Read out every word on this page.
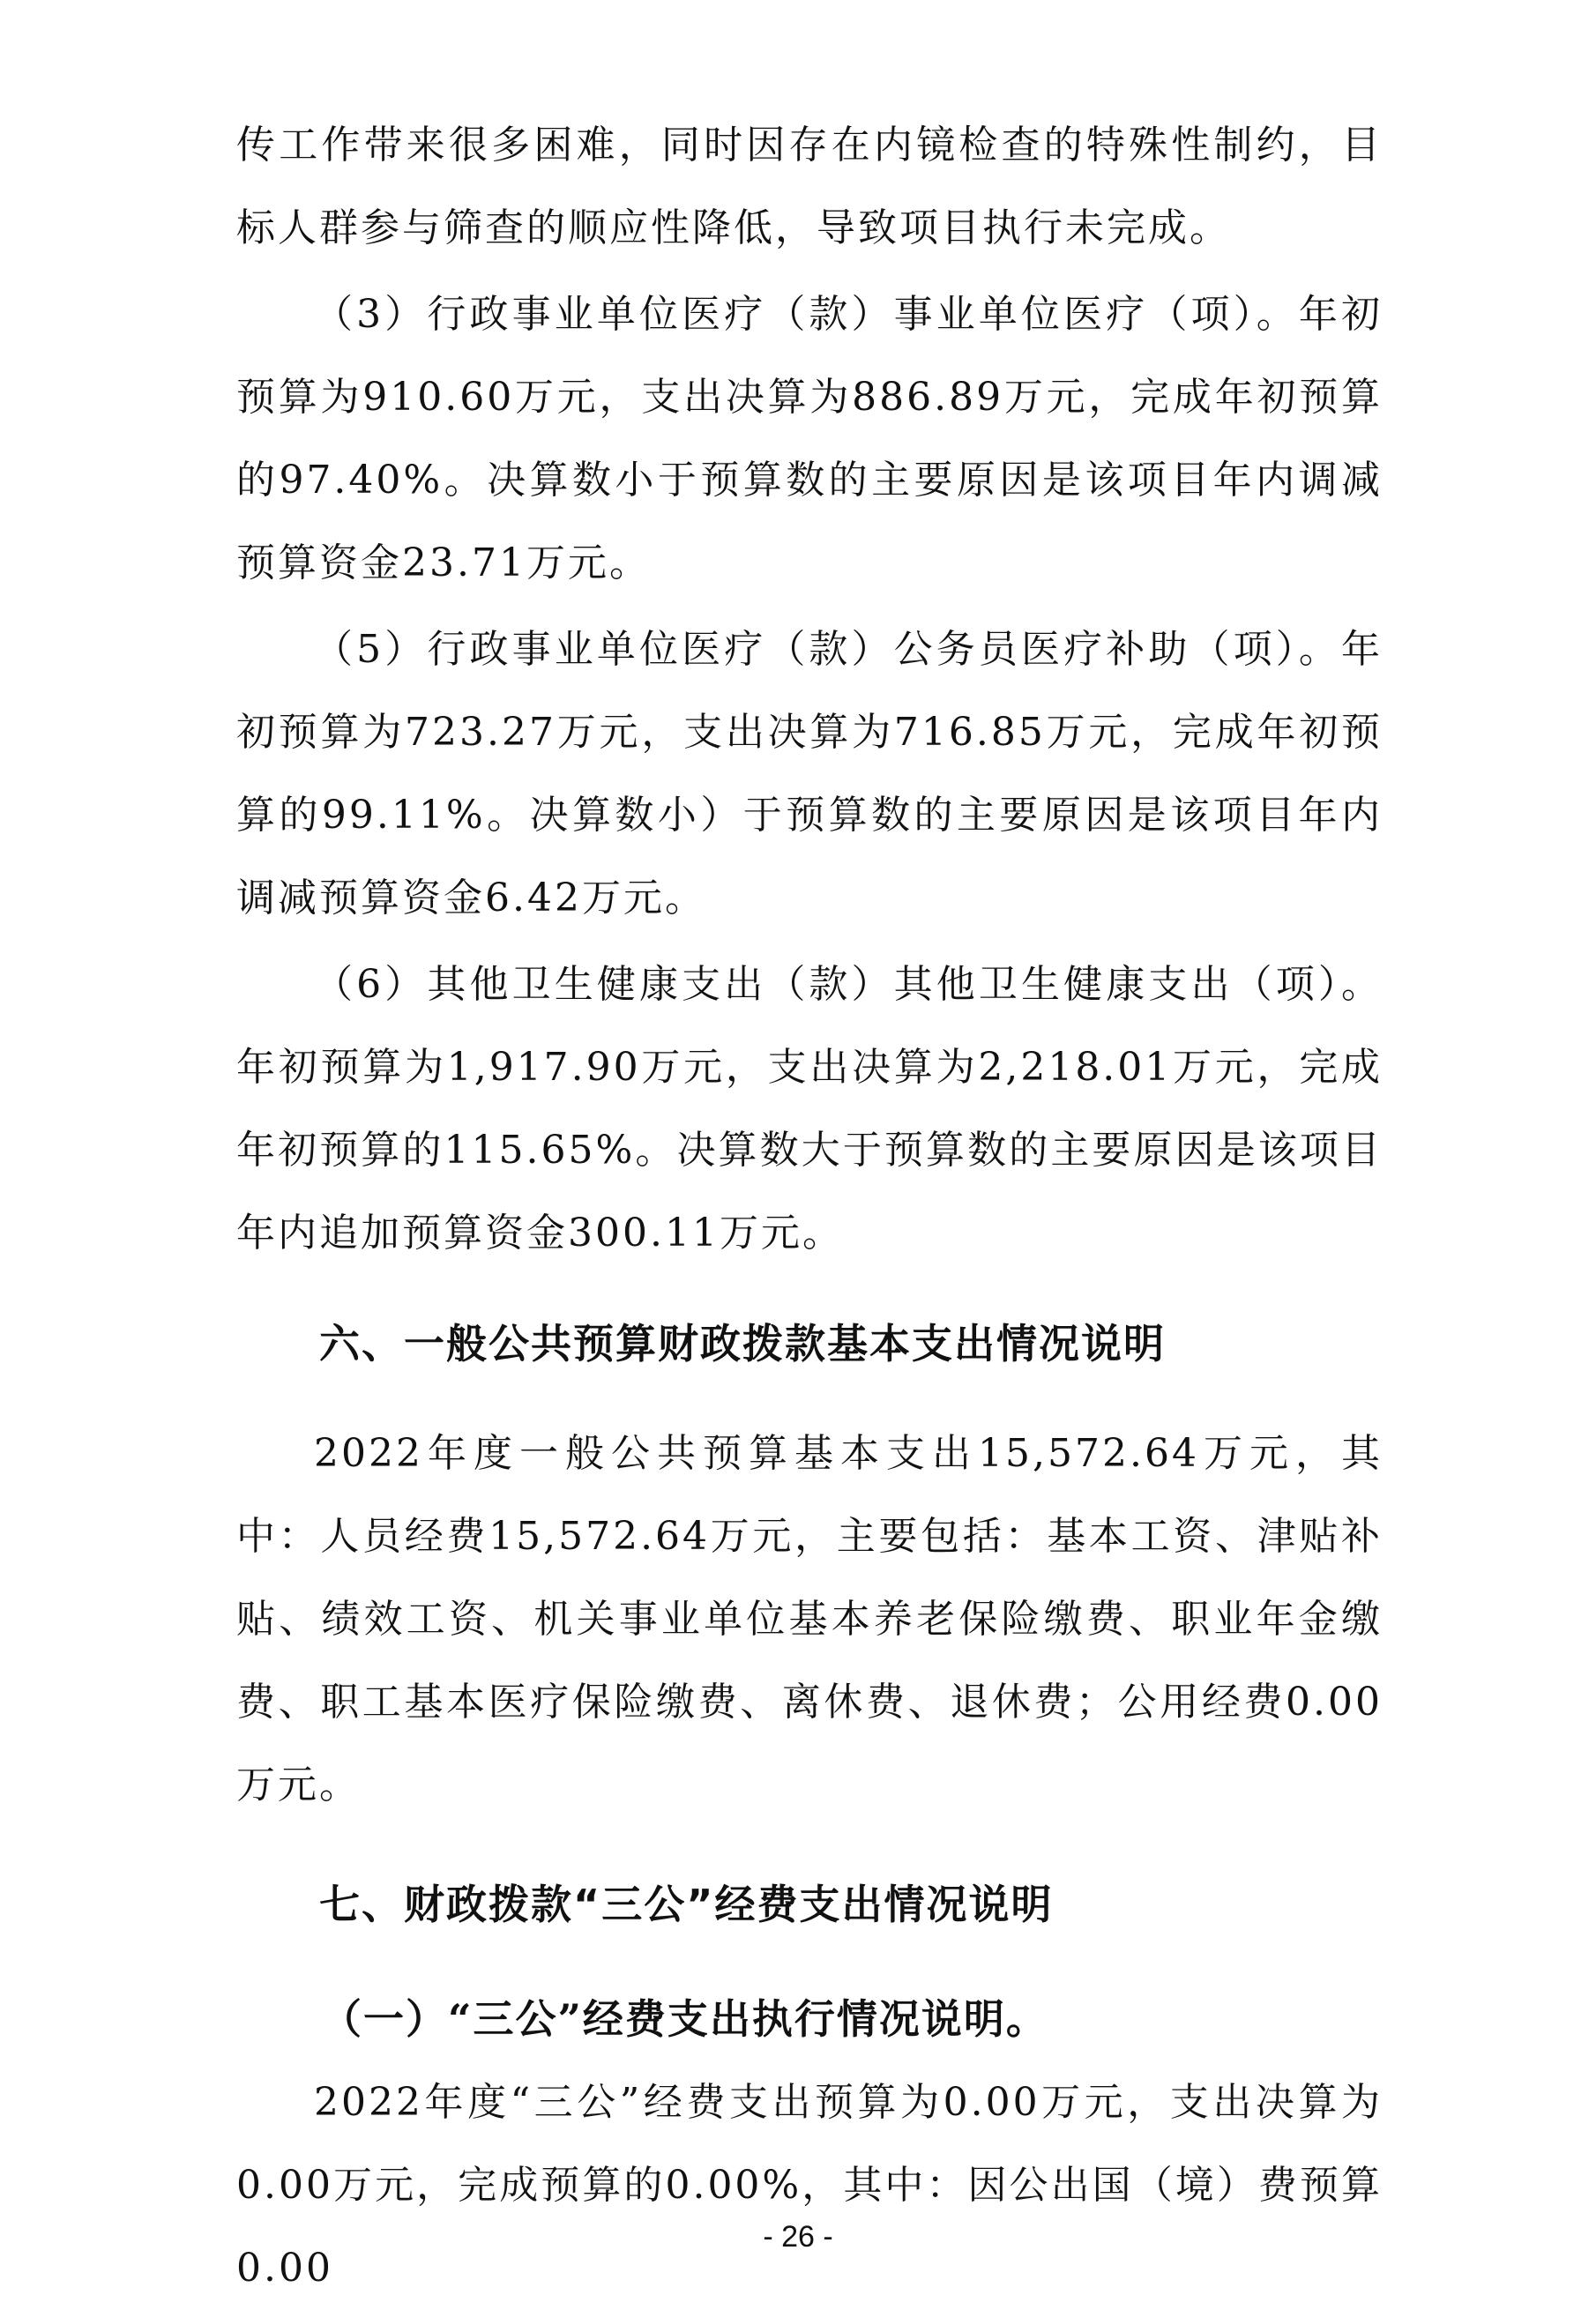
传工作带来很多困难，同时因存在内镜检查的特殊性制约，目标人群参与筛查的顺应性降低，导致项目执行未完成。

（3）行政事业单位医疗（款）事业单位医疗（项）。年初预算为910.60万元，支出决算为886.89万元，完成年初预算的97.40%。决算数小于预算数的主要原因是该项目年内调减预算资金23.71万元。

（5）行政事业单位医疗（款）公务员医疗补助（项）。年初预算为723.27万元，支出决算为716.85万元，完成年初预算的99.11%。决算数小）于预算数的主要原因是该项目年内调减预算资金6.42万元。

（6）其他卫生健康支出（款）其他卫生健康支出（项）。年初预算为1,917.90万元，支出决算为2,218.01万元，完成年初预算的115.65%。决算数大于预算数的主要原因是该项目年内追加预算资金300.11万元。

六、一般公共预算财政拨款基本支出情况说明

2022年度一般公共预算基本支出15,572.64万元，其中：人员经费15,572.64万元，主要包括：基本工资、津贴补贴、绩效工资、机关事业单位基本养老保险缴费、职业年金缴费、职工基本医疗保险缴费、离休费、退休费；公用经费0.00万元。

七、财政拨款“三公”经费支出情况说明
（一）“三公”经费支出执行情况说明。

2022年度“三公”经费支出预算为0.00万元，支出决算为0.00万元，完成预算的0.00%，其中：因公出国（境）费预算0.00

- 26 -
